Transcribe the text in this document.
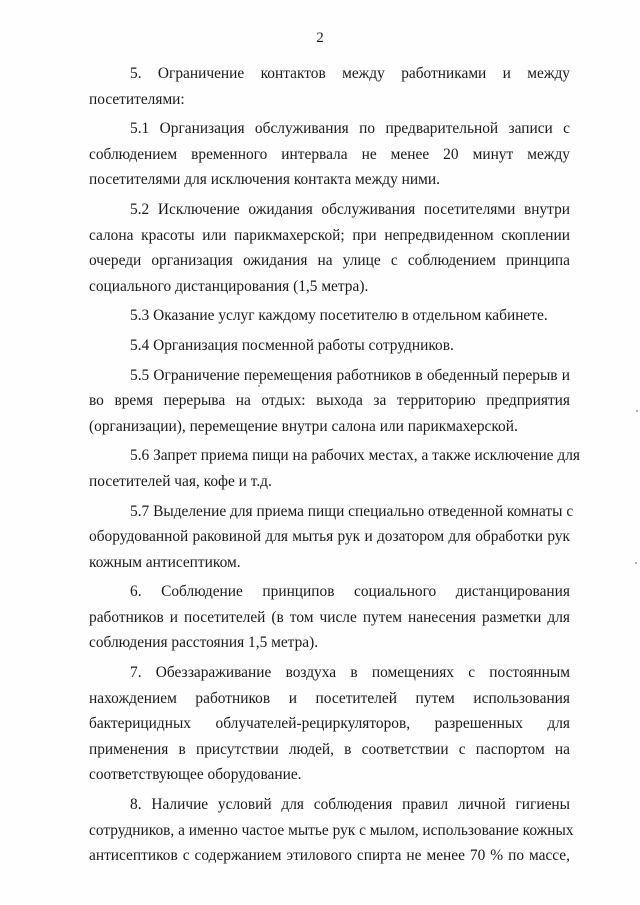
2

5. Ограничение контактов между работниками и между
посетителями:

5.1 Организация обслуживания по предварительной записи с
соблюдением временного интервала не менее 20 минут между
посетителями для исключения контакта между ними.

5.2 Исключение ожидания обслуживания посетителями внутри
салона красоты или парикмахерской; при непредвиденном скоплении
очереди организация ожидания на улице с соблюдением принципа
социального дистанцирования (1,5 метра).

5.3 Оказание услуг каждому посетителю в отдельном кабинете.

5.4 Организация посменной работы сотрудников.

5.5 Ограничение перемещения работников в обеденный перерыв и
во время перерыва на отдых: выхода за территорию предприятия
(организации), перемещение внутри салона или парикмахерской.

5.6 Запрет приема пищи на рабочих местах, а также исключение для
посетителей чая, кофе и т.д.

5.7 Выделение для приема пищи специально отведенной комнаты с
оборудованной раковиной для мытья рук и дозатором для обработки рук
кожным антисептиком.

6. Соблюдение принципов социального дистанцирования
работников и посетителей (в том числе путем нанесения разметки для
соблюдения расстояния 1,5 метра).

7. Обеззараживание воздуха в помещениях с постоянным
нахождением работников и посетителей путем использования
бактерицидных облучателей-рециркуляторов, разрешенных для
применения в присутствии людей, в соответствии с паспортом на
соответствующее оборудование.

8. Наличие условий для соблюдения правил личной гигиены
сотрудников, а именно частое мытье рук с мылом, использование кожных
антисептиков с содержанием этилового спирта не менее 70 % по массе,
